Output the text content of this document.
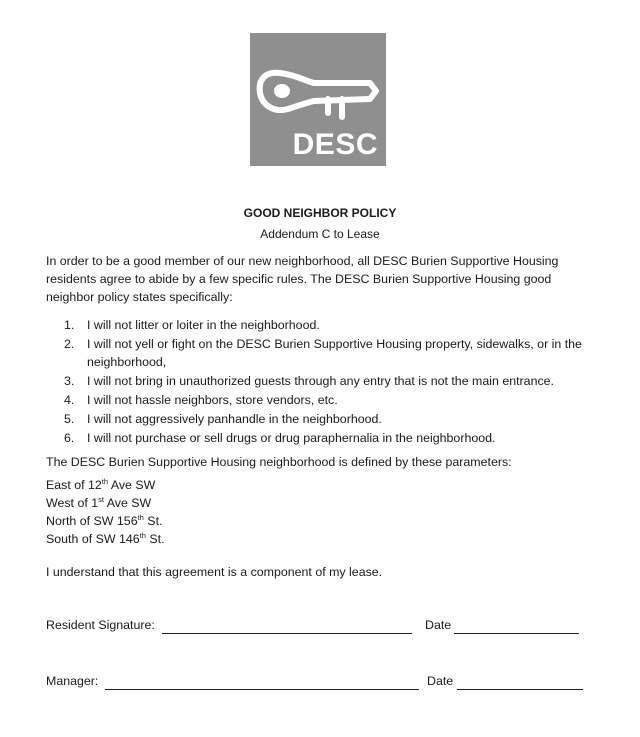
DESC
GOOD NEIGHBOR POLICY
Addendum C to Lease

In order to be a good member of our new neighborhood, all DESC Burien Supportive Housing residents agree to abide by a few specific rules. The DESC Burien Supportive Housing good neighbor policy states specifically:

1.	I will not litter or loiter in the neighborhood.
2.	I will not yell or fight on the DESC Burien Supportive Housing property, sidewalks, or in the neighborhood,
3.	I will not bring in unauthorized guests through any entry that is not the main entrance.
4.	I will not hassle neighbors, store vendors, etc.
5.	I will not aggressively panhandle in the neighborhood.
6.	I will not purchase or sell drugs or drug paraphernalia in the neighborhood.

The DESC Burien Supportive Housing neighborhood is defined by these parameters:

East of 12th Ave SW
West of 1st Ave SW
North of SW 156th St.
South of SW 146th St.

I understand that this agreement is a component of my lease.

Resident Signature:	Date
Manager:	Date
